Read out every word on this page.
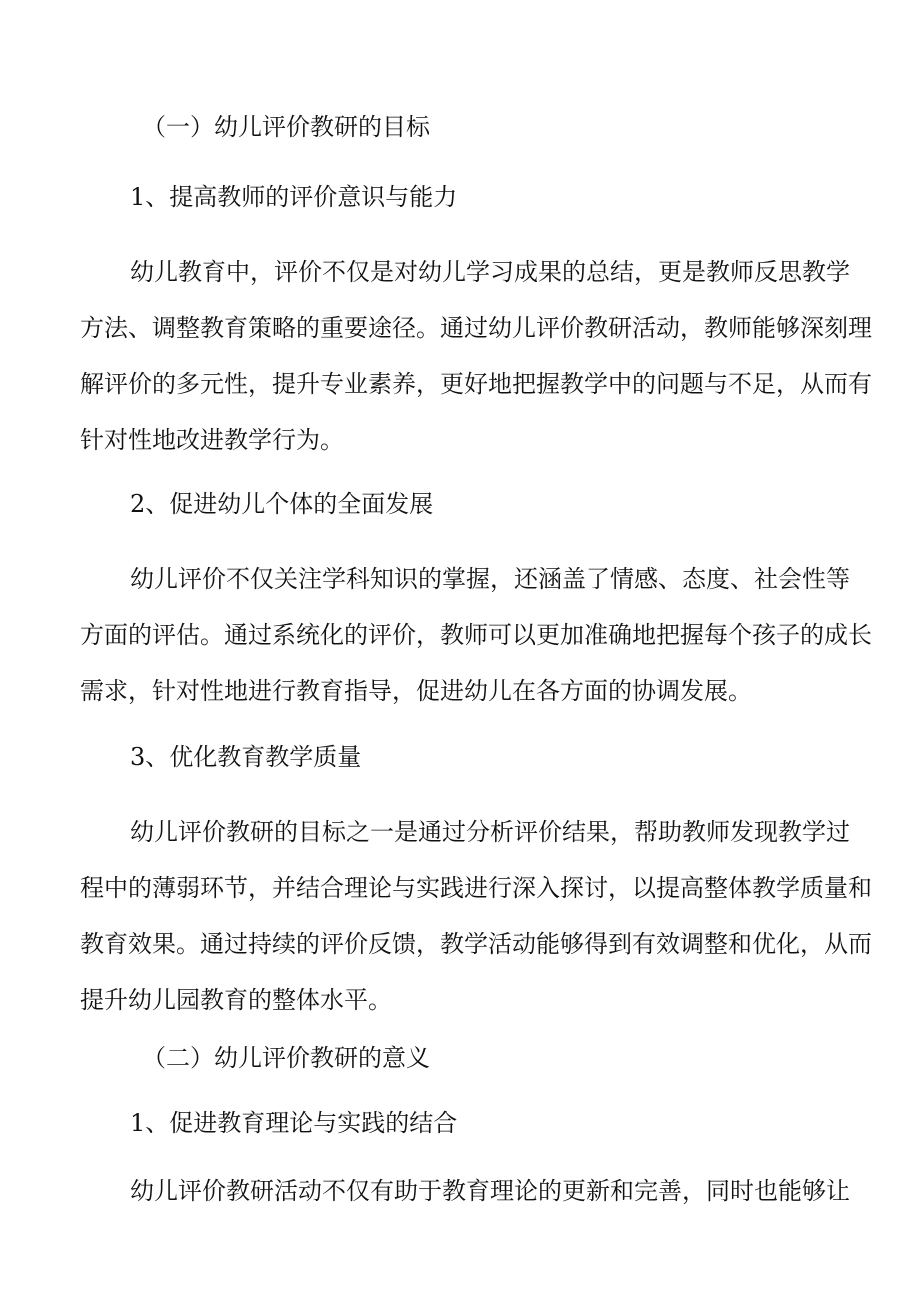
（一）幼儿评价教研的目标
1、提高教师的评价意识与能力
幼儿教育中，评价不仅是对幼儿学习成果的总结，更是教师反思教学
方法、调整教育策略的重要途径。通过幼儿评价教研活动，教师能够深刻理
解评价的多元性，提升专业素养，更好地把握教学中的问题与不足，从而有
针对性地改进教学行为。
2、促进幼儿个体的全面发展
幼儿评价不仅关注学科知识的掌握，还涵盖了情感、态度、社会性等
方面的评估。通过系统化的评价，教师可以更加准确地把握每个孩子的成长
需求，针对性地进行教育指导，促进幼儿在各方面的协调发展。
3、优化教育教学质量
幼儿评价教研的目标之一是通过分析评价结果，帮助教师发现教学过
程中的薄弱环节，并结合理论与实践进行深入探讨，以提高整体教学质量和
教育效果。通过持续的评价反馈，教学活动能够得到有效调整和优化，从而
提升幼儿园教育的整体水平。
（二）幼儿评价教研的意义
1、促进教育理论与实践的结合
幼儿评价教研活动不仅有助于教育理论的更新和完善，同时也能够让
